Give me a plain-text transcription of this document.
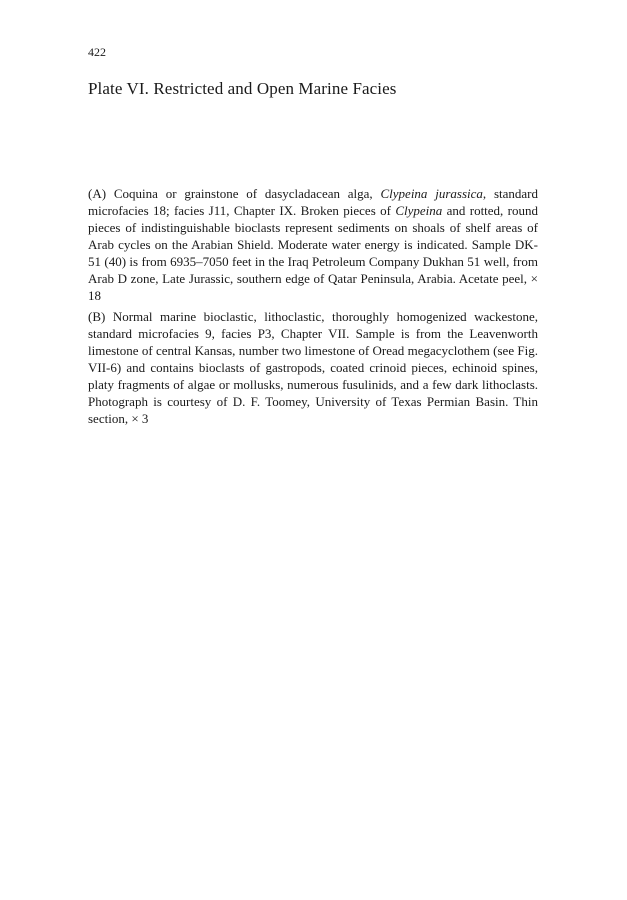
422
Plate VI. Restricted and Open Marine Facies

(A) Coquina or grainstone of dasycladacean alga, Clypeina jurassica, standard microfacies 18; facies J11, Chapter IX. Broken pieces of Clypeina and rotted, round pieces of indistinguishable bioclasts represent sediments on shoals of shelf areas of Arab cycles on the Arabian Shield. Moderate water energy is indicated. Sample DK-51 (40) is from 6935–7050 feet in the Iraq Petroleum Company Dukhan 51 well, from Arab D zone, Late Jurassic, southern edge of Qatar Peninsula, Arabia. Acetate peel, × 18

(B) Normal marine bioclastic, lithoclastic, thoroughly homogenized wackestone, standard microfacies 9, facies P3, Chapter VII. Sample is from the Leavenworth limestone of central Kansas, number two limestone of Oread megacyclothem (see Fig. VII-6) and contains bioclasts of gastropods, coated crinoid pieces, echinoid spines, platy fragments of algae or mollusks, numerous fusulinids, and a few dark lithoclasts. Photograph is courtesy of D. F. Toomey, University of Texas Permian Basin. Thin section, × 3
